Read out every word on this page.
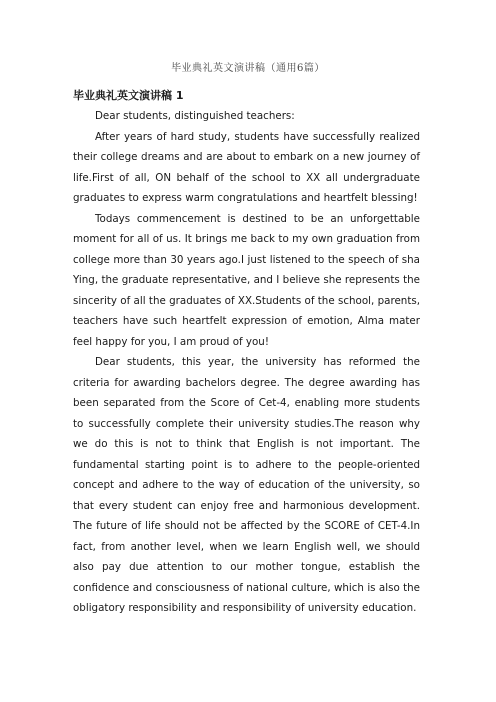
毕业典礼英文演讲稿（通用6篇）

毕业典礼英文演讲稿 1

Dear students, distinguished teachers:

After years of hard study, students have successfully realized their college dreams and are about to embark on a new journey of life.First of all, ON behalf of the school to XX all undergraduate graduates to express warm congratulations and heartfelt blessing!

Todays commencement is destined to be an unforgettable moment for all of us. It brings me back to my own graduation from college more than 30 years ago.I just listened to the speech of sha Ying, the graduate representative, and I believe she represents the sincerity of all the graduates of XX.Students of the school, parents, teachers have such heartfelt expression of emotion, Alma mater feel happy for you, I am proud of you!

Dear students, this year, the university has reformed the criteria for awarding bachelors degree. The degree awarding has been separated from the Score of Cet-4, enabling more students to successfully complete their university studies.The reason why we do this is not to think that English is not important. The fundamental starting point is to adhere to the people-oriented concept and adhere to the way of education of the university, so that every student can enjoy free and harmonious development. The future of life should not be affected by the SCORE of CET-4.In fact, from another level, when we learn English well, we should also pay due attention to our mother tongue, establish the confidence and consciousness of national culture, which is also the obligatory responsibility and responsibility of university education.
